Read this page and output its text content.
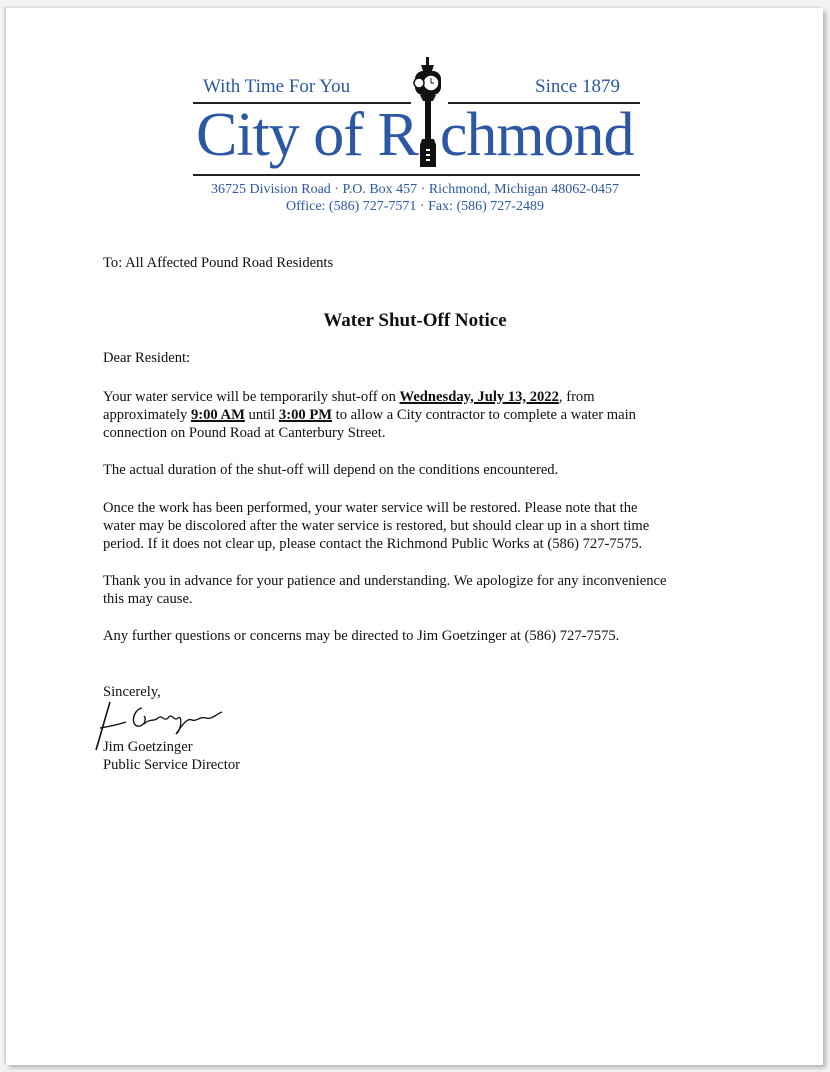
With Time For You	Since 1879
City of R chmond
36725 Division Road · P.O. Box 457 · Richmond, Michigan 48062-0457
Office: (586) 727-7571 · Fax: (586) 727-2489
To: All Affected Pound Road Residents
Water Shut-Off Notice
Dear Resident:
Your water service will be temporarily shut-off on Wednesday, July 13, 2022, from
approximately 9:00 AM until 3:00 PM to allow a City contractor to complete a water main
connection on Pound Road at Canterbury Street.
The actual duration of the shut-off will depend on the conditions encountered.
Once the work has been performed, your water service will be restored. Please note that the
water may be discolored after the water service is restored, but should clear up in a short time
period. If it does not clear up, please contact the Richmond Public Works at (586) 727-7575.
Thank you in advance for your patience and understanding. We apologize for any inconvenience
this may cause.
Any further questions or concerns may be directed to Jim Goetzinger at (586) 727-7575.
Sincerely,
Jim Goetzinger
Public Service Director
